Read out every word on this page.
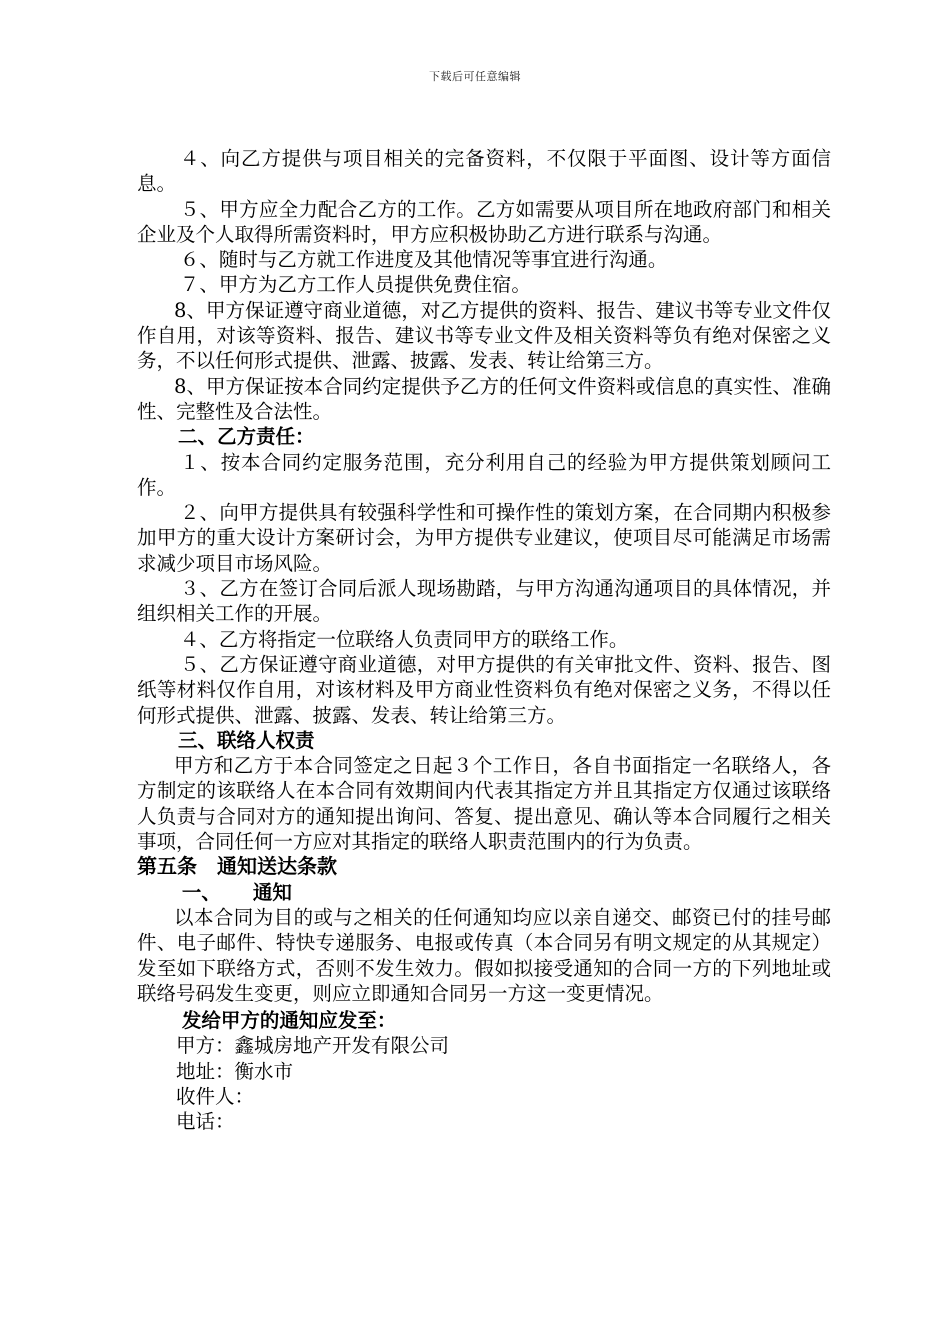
下载后可任意编辑

４、向乙方提供与项目相关的完备资料，不仅限于平面图、设计等方面信息。

５、甲方应全力配合乙方的工作。乙方如需要从项目所在地政府部门和相关企业及个人取得所需资料时，甲方应积极协助乙方进行联系与沟通。

６、随时与乙方就工作进度及其他情况等事宜进行沟通。

７、甲方为乙方工作人员提供免费住宿。

8、甲方保证遵守商业道德，对乙方提供的资料、报告、建议书等专业文件仅作自用，对该等资料、报告、建议书等专业文件及相关资料等负有绝对保密之义务，不以任何形式提供、泄露、披露、发表、转让给第三方。

8、甲方保证按本合同约定提供予乙方的任何文件资料或信息的真实性、准确性、完整性及合法性。

二、乙方责任：

１、按本合同约定服务范围，充分利用自己的经验为甲方提供策划顾问工作。

２、向甲方提供具有较强科学性和可操作性的策划方案，在合同期内积极参加甲方的重大设计方案研讨会，为甲方提供专业建议，使项目尽可能满足市场需求减少项目市场风险。

３、乙方在签订合同后派人现场勘踏，与甲方沟通沟通项目的具体情况，并组织相关工作的开展。

４、乙方将指定一位联络人负责同甲方的联络工作。

５、乙方保证遵守商业道德，对甲方提供的有关审批文件、资料、报告、图纸等材料仅作自用，对该材料及甲方商业性资料负有绝对保密之义务，不得以任何形式提供、泄露、披露、发表、转让给第三方。

三、联络人权责

甲方和乙方于本合同签定之日起３个工作日，各自书面指定一名联络人，各方制定的该联络人在本合同有效期间内代表其指定方并且其指定方仅通过该联络人负责与合同对方的通知提出询问、答复、提出意见、确认等本合同履行之相关事项，合同任何一方应对其指定的联络人职责范围内的行为负责。

第五条 通知送达条款

一、 通知

以本合同为目的或与之相关的任何通知均应以亲自递交、邮资已付的挂号邮件、电子邮件、特快专递服务、电报或传真（本合同另有明文规定的从其规定）发至如下联络方式，否则不发生效力。假如拟接受通知的合同一方的下列地址或联络号码发生变更，则应立即通知合同另一方这一变更情况。

发给甲方的通知应发至：

甲方：鑫城房地产开发有限公司

地址：衡水市

收件人：

电话：
